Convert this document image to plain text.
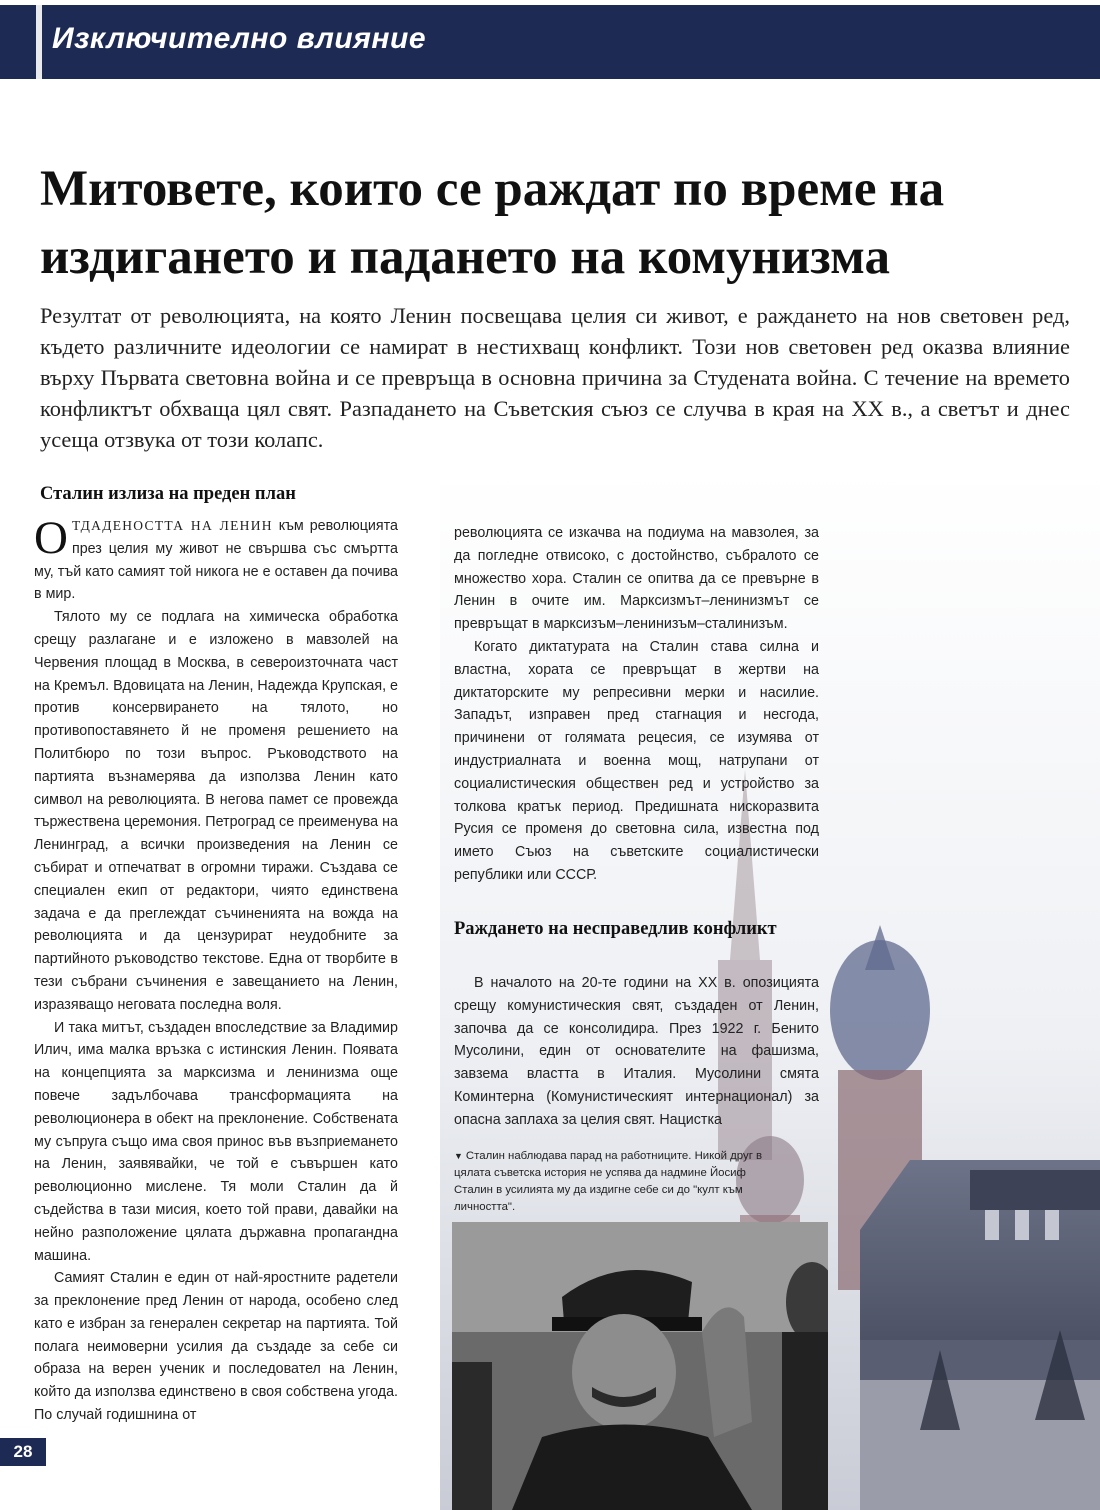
Изключително влияние
Митовете, които се раждат по време на издигането и падането на комунизма

Резултат от революцията, на която Ленин посвещава целия си живот, е раждането на нов световен ред, където различните идеологии се намират в нестихващ конфликт. Този нов световен ред оказва влияние върху Първата световна война и се превръща в основна причина за Студената война. С течение на времето конфликтът обхваща цял свят. Разпадането на Съветския съюз се случва в края на XX в., а светът и днес усеща отзвука от този колапс.

Сталин излиза на преден план

ОТДАДЕНОСТТА НА ЛЕНИН към революцията през целия му живот не свършва със смъртта му, тъй като самият той никога не е оставен да почива в мир.

Тялото му се подлага на химическа обработка срещу разлагане и е изложено в мавзолей на Червения площад в Москва, в североизточната част на Кремъл. Вдовицата на Ленин, Надежда Крупская, е против консервирането на тялото, но противопоставянето й не променя решението на Политбюро по този въпрос. Ръководството на партията възнамерява да използва Ленин като символ на революцията. В негова памет се провежда тържествена церемония. Петроград се преименува на Ленинград, а всички произведения на Ленин се събират и отпечатват в огромни тиражи. Създава се специален екип от редактори, чиято единствена задача е да преглеждат съчиненията на вожда на революцията и да цензурират неудобните за партийното ръководство текстове. Една от творбите в тези събрани съчинения е завещанието на Ленин, изразяващо неговата последна воля.

И така митът, създаден впоследствие за Владимир Илич, има малка връзка с истинския Ленин. Появата на концепцията за марксизма и ленинизма още повече задълбочава трансформацията на революционера в обект на преклонение. Собствената му съпруга също има своя принос във възприемането на Ленин, заявявайки, че той е съвършен като революционно мислене. Тя моли Сталин да й съдейства в тази мисия, което той прави, давайки на нейно разположение цялата държавна пропагандна машина.

Самият Сталин е един от най-яростните радетели за преклонение пред Ленин от народа, особено след като е избран за генерален секретар на партията. Той полага неимоверни усилия да създаде за себе си образа на верен ученик и последовател на Ленин, който да използва единствено в своя собствена угода. По случай годишнина от

революцията се изкачва на подиума на мавзолея, за да погледне отвисоко, с достойнство, събралото се множество хора. Сталин се опитва да се превърне в Ленин в очите им. Марксизмът–ленинизмът се превръщат в марксизъм–ленинизъм–сталинизъм.

Когато диктатурата на Сталин става силна и властна, хората се превръщат в жертви на диктаторските му репресивни мерки и насилие. Западът, изправен пред стагнация и несгода, причинени от голямата рецесия, се изумява от индустриалната и военна мощ, натрупани от социалистическия обществен ред и устройство за толкова кратък период. Предишната нискоразвита Русия се променя до световна сила, известна под името Съюз на съветските социалистически републики или СССР.

Раждането на несправедлив конфликт

В началото на 20-те години на XX в. опозицията срещу комунистическия свят, създаден от Ленин, започва да се консолидира. През 1922 г. Бенито Мусолини, един от основателите на фашизма, завзема властта в Италия. Мусолини смята Коминтерна (Комунистическият интернационал) за опасна заплаха за целия свят. Нацистка

▼ Сталин наблюдава парад на работниците. Никой друг в цялата съветска история не успява да надмине Йосиф Сталин в усилията му да издигне себе си до "култ към личността".

28
